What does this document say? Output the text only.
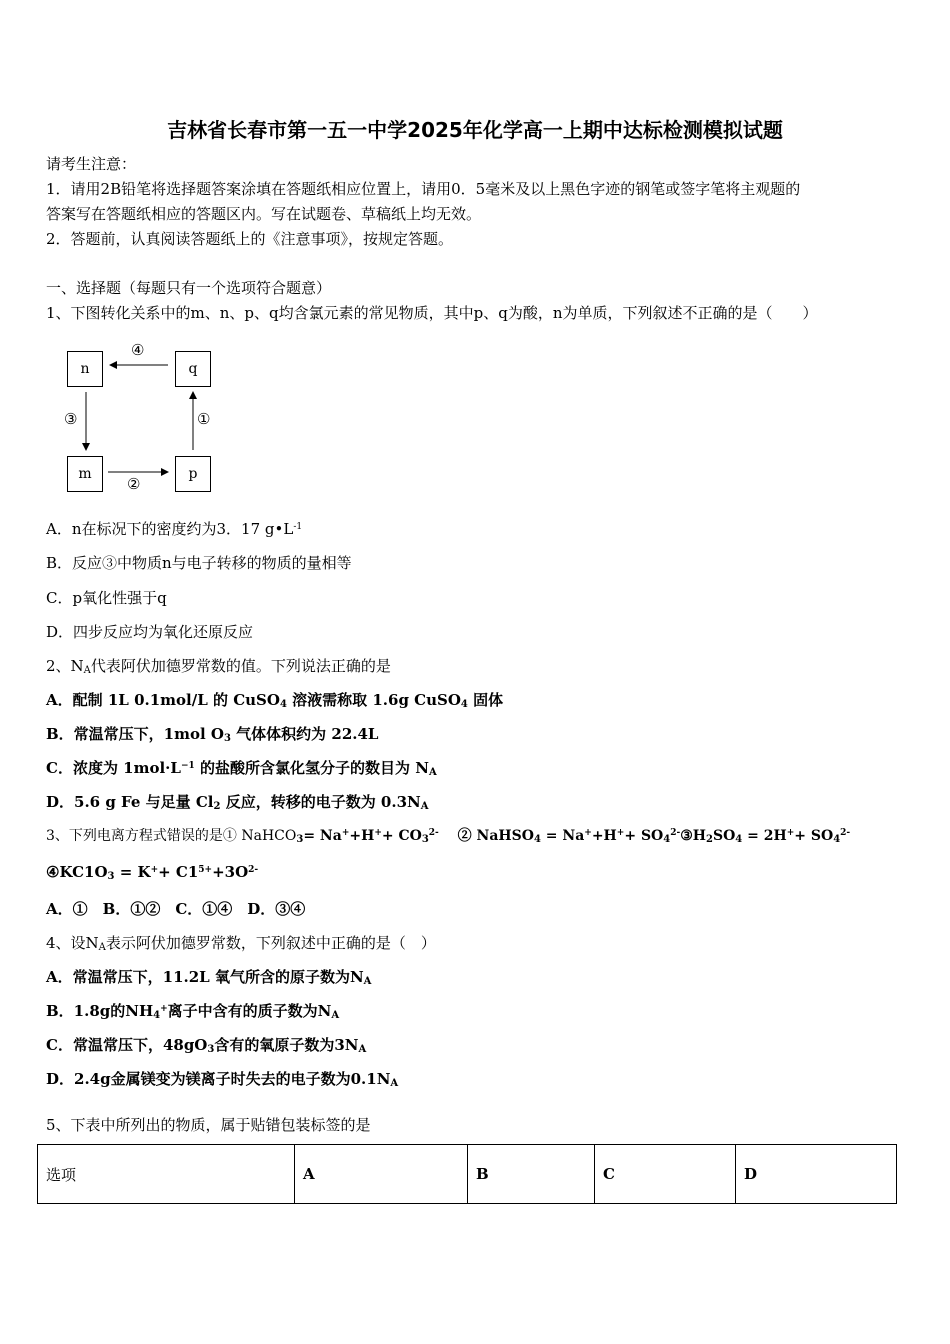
吉林省长春市第一五一中学2025年化学高一上期中达标检测模拟试题
请考生注意：
1．请用2B铅笔将选择题答案涂填在答题纸相应位置上，请用0．5毫米及以上黑色字迹的钢笔或签字笔将主观题的
答案写在答题纸相应的答题区内。写在试题卷、草稿纸上均无效。
2．答题前，认真阅读答题纸上的《注意事项》，按规定答题。
一、选择题（每题只有一个选项符合题意）
1、下图转化关系中的m、n、p、q均含氯元素的常见物质，其中p、q为酸，n为单质，下列叙述不正确的是（　　）
n	q
m	p
④
③
②
①
A．n在标况下的密度约为3．17 $g•L^{-1}$
B．反应③中物质n与电子转移的物质的量相等
C．p氧化性强于q
D．四步反应均为氧化还原反应
2、$N_A$代表阿伏加德罗常数的值。下列说法正确的是
A．配制 1L 0.1mol/L 的 CuSO$_4$ 溶液需称取 1.6g CuSO$_4$ 固体
B．常温常压下，1mol $O_3$ 气体体积约为 22.4L
C．浓度为 $1mol\cdot L^{-1}$ 的盐酸所含氯化氢分子的数目为 $N_A$
D．5.6 g Fe 与足量 $Cl_2$ 反应，转移的电子数为 $0.3N_A$
3、下列电离方程式错误的是① NaHCO$_3$= $Na^++H^++ CO_3^{2-}$　 ② NaHSO$_4$ = $Na^++H^++ SO_4^{2-}③H_2SO_4 = 2H^++ SO_4^{2-}$
$④KC1O_3 = K^++ C1^{5+}+3O^{2-}$
A．①　B．①②　C．①④　D．③④
4、设$N_A$表示阿伏加德罗常数，下列叙述中正确的是（　）
A．常温常压下，11.2L 氧气所含的原子数为$N_A$
B．1.8g的$NH_4^+$离子中含有的质子数为$N_A$
C．常温常压下，$48gO_3$含有的氧原子数为$3N_A$
D．2.4g金属镁变为镁离子时失去的电子数为$0.1N_A$
5、下表中所列出的物质，属于贴错包装标签的是
选项	A	B	C	D
